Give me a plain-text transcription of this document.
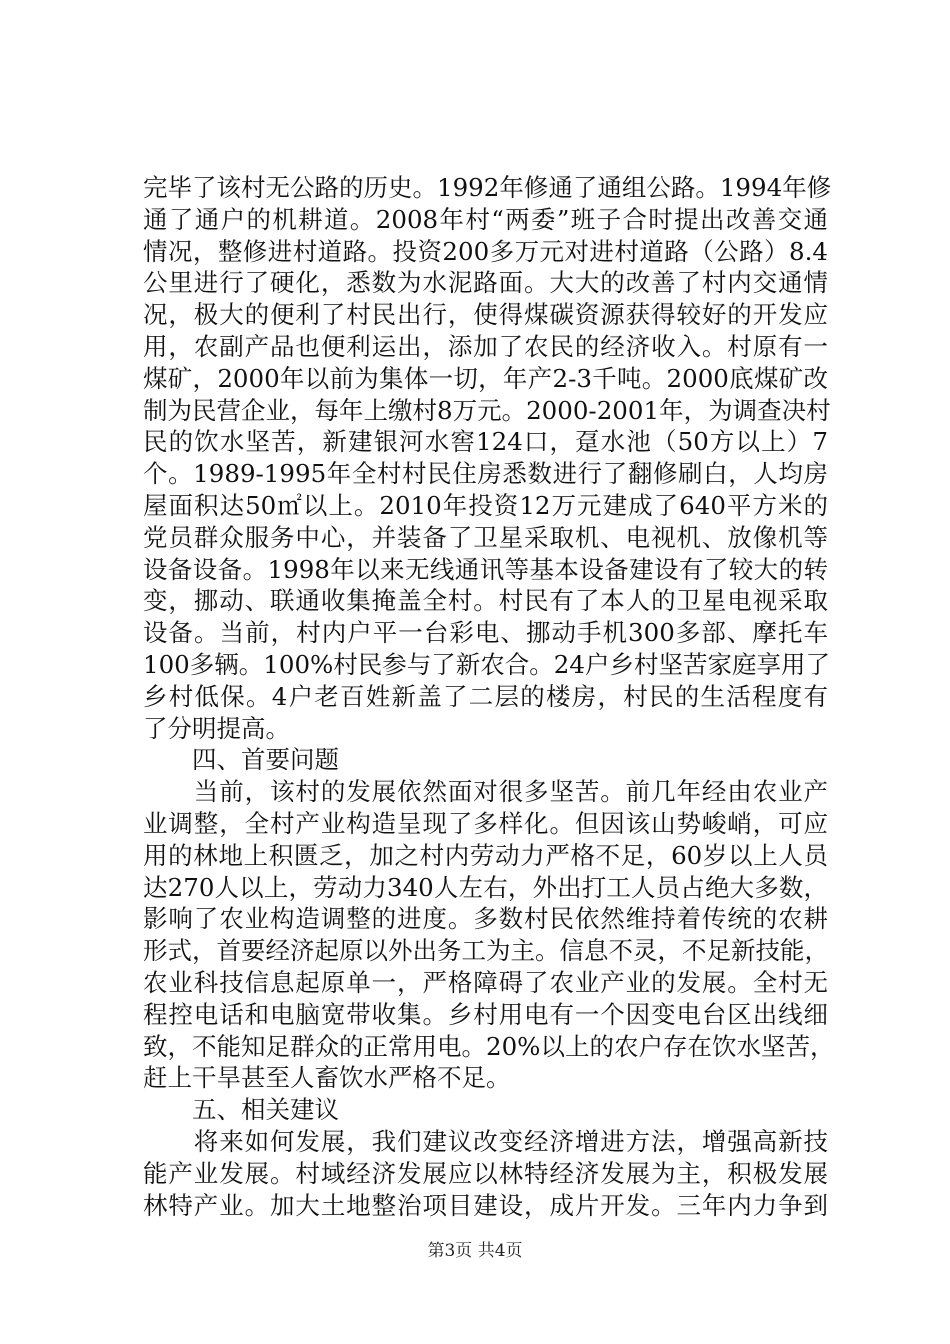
完毕了该村无公路的历史。1992年修通了通组公路。1994年修
通了通户的机耕道。2008年村“两委”班子合时提出改善交通
情况，整修进村道路。投资200多万元对进村道路（公路）8.4
公里进行了硬化，悉数为水泥路面。大大的改善了村内交通情
况，极大的便利了村民出行，使得煤碳资源获得较好的开发应
用，农副产品也便利运出，添加了农民的经济收入。村原有一
煤矿，2000年以前为集体一切，年产2-3千吨。2000底煤矿改
制为民营企业，每年上缴村8万元。2000-2001年，为调查决村
民的饮水坚苦，新建银河水窖124口，趸水池（50方以上）7
个。1989-1995年全村村民住房悉数进行了翻修刷白，人均房
屋面积达50㎡以上。2010年投资12万元建成了640平方米的
党员群众服务中心，并装备了卫星采取机、电视机、放像机等
设备设备。1998年以来无线通讯等基本设备建设有了较大的转
变，挪动、联通收集掩盖全村。村民有了本人的卫星电视采取
设备。当前，村内户平一台彩电、挪动手机300多部、摩托车
100多辆。100%村民参与了新农合。24户乡村坚苦家庭享用了
乡村低保。4户老百姓新盖了二层的楼房，村民的生活程度有
了分明提高。
　　四、首要问题
　　当前，该村的发展依然面对很多坚苦。前几年经由农业产
业调整，全村产业构造呈现了多样化。但因该山势峻峭，可应
用的林地上积匮乏，加之村内劳动力严格不足，60岁以上人员
达270人以上，劳动力340人左右，外出打工人员占绝大多数，
影响了农业构造调整的进度。多数村民依然维持着传统的农耕
形式，首要经济起原以外出务工为主。信息不灵，不足新技能，
农业科技信息起原单一，严格障碍了农业产业的发展。全村无
程控电话和电脑宽带收集。乡村用电有一个因变电台区出线细
致，不能知足群众的正常用电。20%以上的农户存在饮水坚苦，
赶上干旱甚至人畜饮水严格不足。
　　五、相关建议
　　将来如何发展，我们建议改变经济增进方法，增强高新技
能产业发展。村域经济发展应以林特经济发展为主，积极发展
林特产业。加大土地整治项目建设，成片开发。三年内力争到
第3页 共4页
